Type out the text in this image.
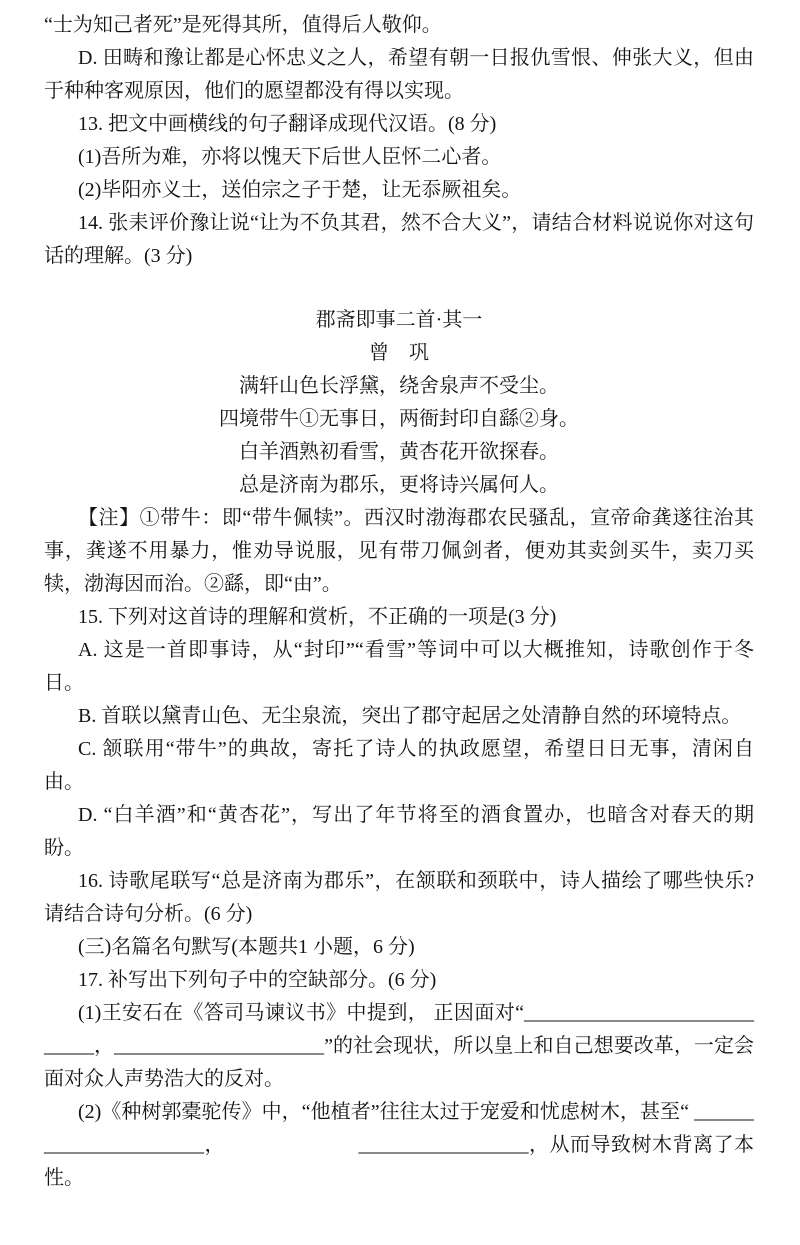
“士为知己者死”是死得其所，值得后人敬仰。
D. 田畴和豫让都是心怀忠义之人，希望有朝一日报仇雪恨、伸张大义，但由于种种客观原因，他们的愿望都没有得以实现。
13. 把文中画横线的句子翻译成现代汉语。(8 分)
(1)吾所为难，亦将以愧天下后世人臣怀二心者。
(2)毕阳亦义士，送伯宗之子于楚，让无忝厥祖矣。
14. 张耒评价豫让说“让为不负其君，然不合大义”，请结合材料说说你对这句话的理解。(3 分)
郡斋即事二首·其一
曾　巩
满轩山色长浮黛，绕舍泉声不受尘。
四境带牛①无事日，两衙封印自繇②身。
白羊酒熟初看雪，黄杏花开欲探春。
总是济南为郡乐，更将诗兴属何人。
【注】①带牛：即“带牛佩犊”。西汉时渤海郡农民骚乱，宣帝命龚遂往治其事，龚遂不用暴力，惟劝导说服，见有带刀佩剑者，便劝其卖剑买牛，卖刀买犊，渤海因而治。②繇，即“由”。
15. 下列对这首诗的理解和赏析，不正确的一项是(3 分)
A. 这是一首即事诗，从“封印”“看雪”等词中可以大概推知，诗歌创作于冬日。
B. 首联以黛青山色、无尘泉流，突出了郡守起居之处清静自然的环境特点。
C. 颔联用“带牛”的典故，寄托了诗人的执政愿望，希望日日无事，清闲自由。
D. “白羊酒”和“黄杏花”，写出了年节将至的酒食置办，也暗含对春天的期盼。
16. 诗歌尾联写“总是济南为郡乐”，在颔联和颈联中，诗人描绘了哪些快乐?请结合诗句分析。(6 分)
(三)名篇名句默写(本题共1 小题，6 分)
17. 补写出下列句子中的空缺部分。(6 分)
(1)王安石在《答司马谏议书》中提到， 正因面对“____________________________，_____________________”的社会现状，所以皇上和自己想要改革，一定会面对众人声势浩大的反对。
(2)《种树郭橐驼传》中，“他植者”往往太过于宠爱和忧虑树木，甚至“ ______________________，　　　　　　　_________________，从而导致树木背离了本性。
